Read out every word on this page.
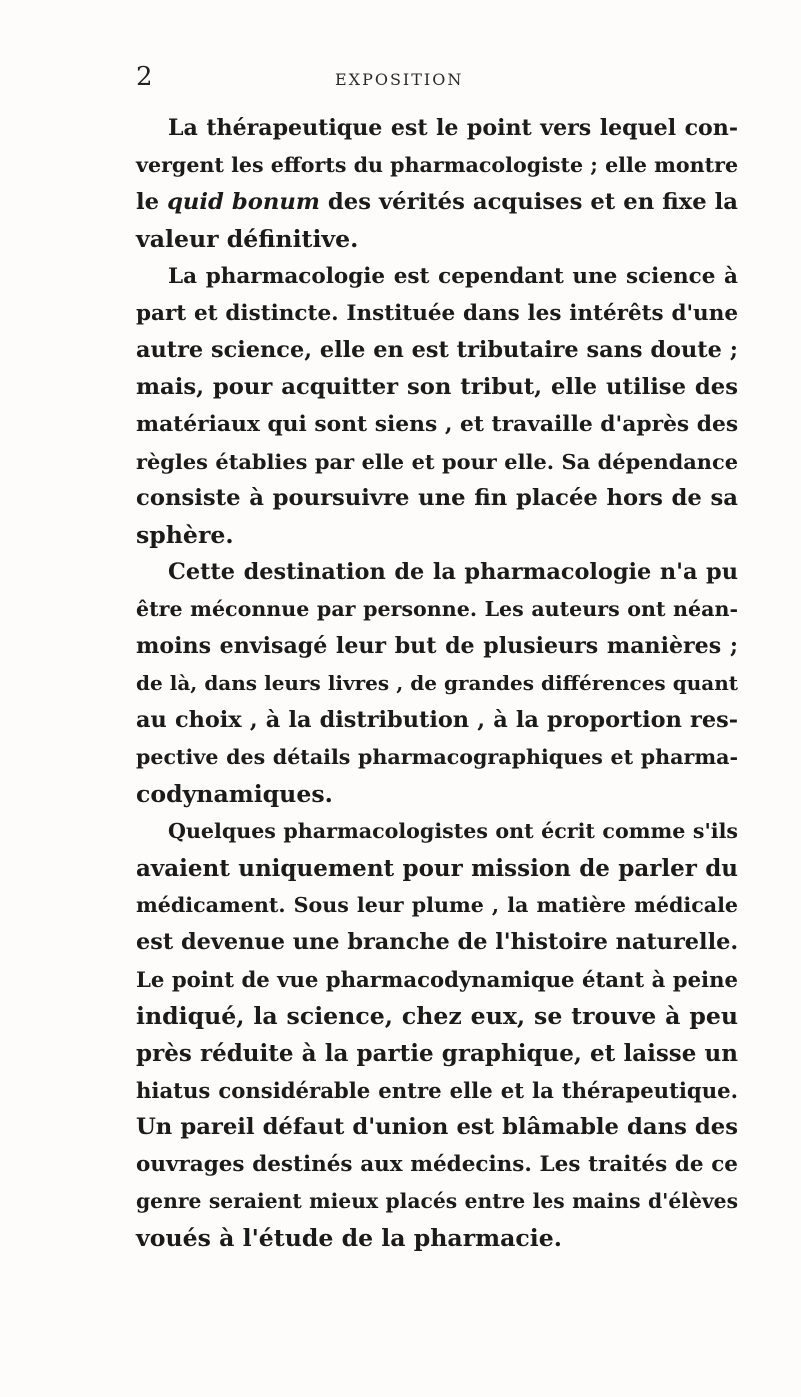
2	EXPOSITION
La thérapeutique est le point vers lequel con-
vergent les efforts du pharmacologiste ; elle montre
le quid bonum des vérités acquises et en fixe la
valeur définitive.
La pharmacologie est cependant une science à
part et distincte. Instituée dans les intérêts d'une
autre science, elle en est tributaire sans doute ;
mais, pour acquitter son tribut, elle utilise des
matériaux qui sont siens , et travaille d'après des
règles établies par elle et pour elle. Sa dépendance
consiste à poursuivre une fin placée hors de sa
sphère.
Cette destination de la pharmacologie n'a pu
être méconnue par personne. Les auteurs ont néan-
moins envisagé leur but de plusieurs manières ;
de là, dans leurs livres , de grandes différences quant
au choix , à la distribution , à la proportion res-
pective des détails pharmacographiques et pharma-
codynamiques.
Quelques pharmacologistes ont écrit comme s'ils
avaient uniquement pour mission de parler du
médicament. Sous leur plume , la matière médicale
est devenue une branche de l'histoire naturelle.
Le point de vue pharmacodynamique étant à peine
indiqué, la science, chez eux, se trouve à peu
près réduite à la partie graphique, et laisse un
hiatus considérable entre elle et la thérapeutique.
Un pareil défaut d'union est blâmable dans des
ouvrages destinés aux médecins. Les traités de ce
genre seraient mieux placés entre les mains d'élèves
voués à l'étude de la pharmacie.
